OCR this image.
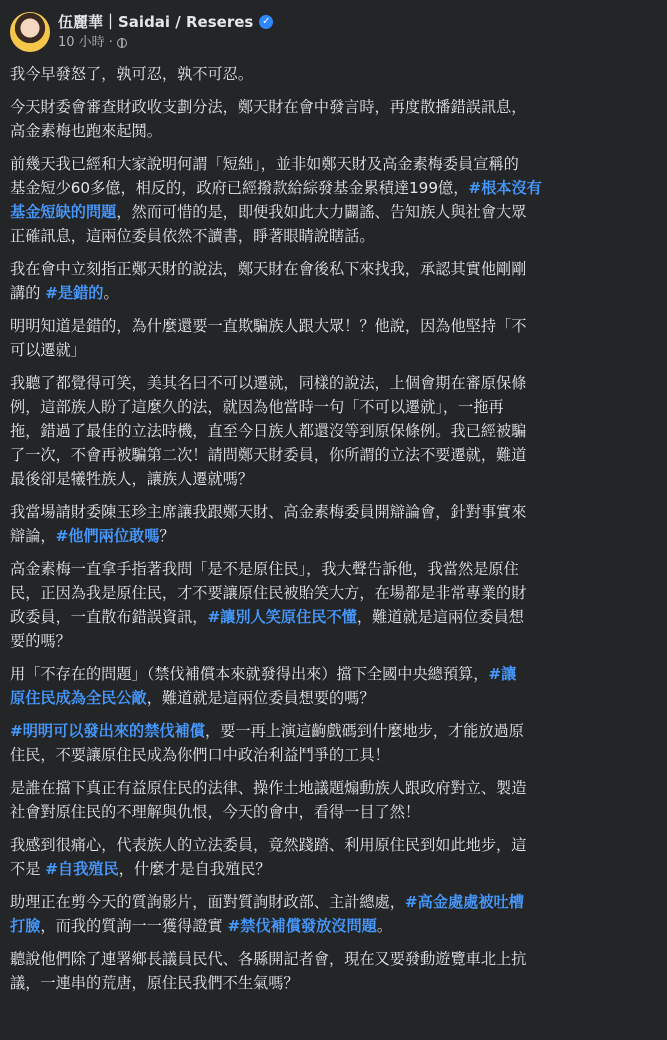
伍麗華｜Saidai / Reseres ✓
10 小時 ·

我今早發怒了，孰可忍，孰不可忍。

今天財委會審查財政收支劃分法，鄭天財在會中發言時，再度散播錯誤訊息，
高金素梅也跑來起鬨。

前幾天我已經和大家說明何謂「短絀」，並非如鄭天財及高金素梅委員宣稱的
基金短少60多億，相反的，政府已經撥款給綜發基金累積達199億，#根本沒有
基金短缺的問題，然而可惜的是，即便我如此大力闢謠、告知族人與社會大眾
正確訊息，這兩位委員依然不讀書，睜著眼睛說瞎話。

我在會中立刻指正鄭天財的說法，鄭天財在會後私下來找我，承認其實他剛剛
講的 #是錯的。

明明知道是錯的，為什麼還要一直欺騙族人跟大眾！？他說，因為他堅持「不
可以遷就」

我聽了都覺得可笑，美其名曰不可以遷就，同樣的說法，上個會期在審原保條
例，這部族人盼了這麼久的法，就因為他當時一句「不可以遷就」，一拖再
拖，錯過了最佳的立法時機，直至今日族人都還沒等到原保條例。我已經被騙
了一次，不會再被騙第二次！請問鄭天財委員，你所謂的立法不要遷就，難道
最後卻是犧牲族人，讓族人遷就嗎？

我當場請財委陳玉珍主席讓我跟鄭天財、高金素梅委員開辯論會，針對事實來
辯論，#他們兩位敢嗎？

高金素梅一直拿手指著我問「是不是原住民」，我大聲告訴他，我當然是原住
民，正因為我是原住民，才不要讓原住民被貽笑大方，在場都是非常專業的財
政委員，一直散布錯誤資訊，#讓別人笑原住民不懂，難道就是這兩位委員想
要的嗎？

用「不存在的問題」（禁伐補償本來就發得出來）擋下全國中央總預算，#讓
原住民成為全民公敵，難道就是這兩位委員想要的嗎？

#明明可以發出來的禁伐補償，要一再上演這齣戲碼到什麼地步，才能放過原
住民，不要讓原住民成為你們口中政治利益鬥爭的工具！

是誰在擋下真正有益原住民的法律、操作土地議題煽動族人跟政府對立、製造
社會對原住民的不理解與仇恨，今天的會中，看得一目了然！

我感到很痛心，代表族人的立法委員，竟然踐踏、利用原住民到如此地步，這
不是 #自我殖民，什麼才是自我殖民？

助理正在剪今天的質詢影片，面對質詢財政部、主計總處，#高金處處被吐槽
打臉，而我的質詢一一獲得證實 #禁伐補償發放沒問題。

聽說他們除了連署鄉長議員民代、各縣開記者會，現在又要發動遊覽車北上抗
議，一連串的荒唐，原住民我們不生氣嗎？
